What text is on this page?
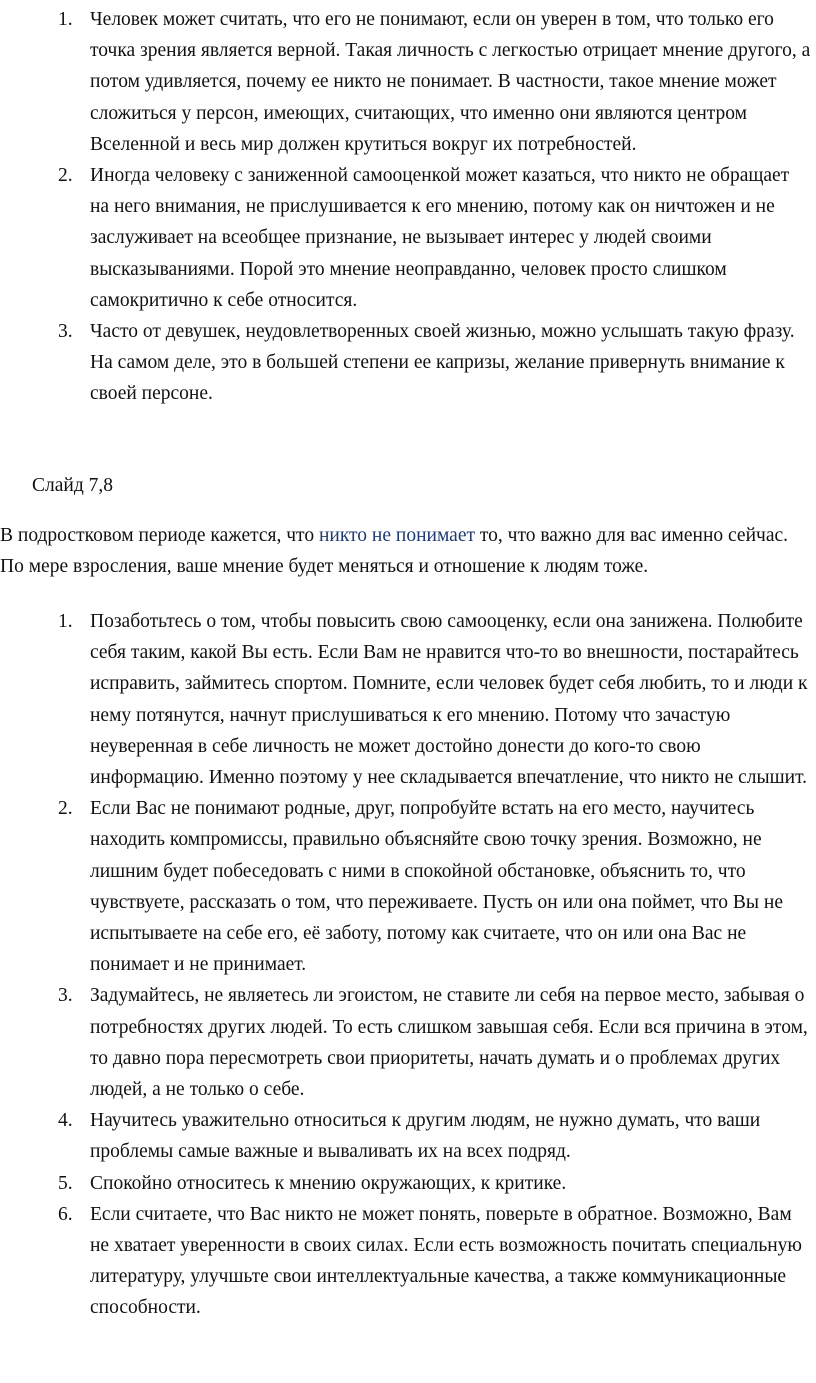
1. Человек может считать, что его не понимают, если он уверен в том, что только его точка зрения является верной. Такая личность с легкостью отрицает мнение другого, а потом удивляется, почему ее никто не понимает. В частности, такое мнение может сложиться у персон, имеющих, считающих, что именно они являются центром Вселенной и весь мир должен крутиться вокруг их потребностей.
2. Иногда человеку с заниженной самооценкой может казаться, что никто не обращает на него внимания, не прислушивается к его мнению, потому как он ничтожен и не заслуживает на всеобщее признание, не вызывает интерес у людей своими высказываниями. Порой это мнение неоправданно, человек просто слишком самокритично к себе относится.
3. Часто от девушек, неудовлетворенных своей жизнью, можно услышать такую фразу. На самом деле, это в большей степени ее капризы, желание привернуть внимание к своей персоне.
Слайд 7,8

В подростковом периоде кажется, что никто не понимает то, что важно для вас именно сейчас. По мере взросления, ваше мнение будет меняться и отношение к людям тоже.

1. Позаботьтесь о том, чтобы повысить свою самооценку, если она занижена. Полюбите себя таким, какой Вы есть. Если Вам не нравится что-то во внешности, постарайтесь исправить, займитесь спортом. Помните, если человек будет себя любить, то и люди к нему потянутся, начнут прислушиваться к его мнению. Потому что зачастую неуверенная в себе личность не может достойно донести до кого-то свою информацию. Именно поэтому у нее складывается впечатление, что никто не слышит.
2. Если Вас не понимают родные, друг, попробуйте встать на его место, научитесь находить компромиссы, правильно объясняйте свою точку зрения. Возможно, не лишним будет побеседовать с ними в спокойной обстановке, объяснить то, что чувствуете, рассказать о том, что переживаете. Пусть он или она поймет, что Вы не испытываете на себе его, её заботу, потому как считаете, что он или она Вас не понимает и не принимает.
3. Задумайтесь, не являетесь ли эгоистом, не ставите ли себя на первое место, забывая о потребностях других людей. То есть слишком завышая себя. Если вся причина в этом, то давно пора пересмотреть свои приоритеты, начать думать и о проблемах других людей, а не только о себе.
4. Научитесь уважительно относиться к другим людям, не нужно думать, что ваши проблемы самые важные и вываливать их на всех подряд.
5. Спокойно относитесь к мнению окружающих, к критике.
6. Если считаете, что Вас никто не может понять, поверьте в обратное. Возможно, Вам не хватает уверенности в своих силах. Если есть возможность почитать специальную литературу, улучшьте свои интеллектуальные качества, а также коммуникационные способности.
